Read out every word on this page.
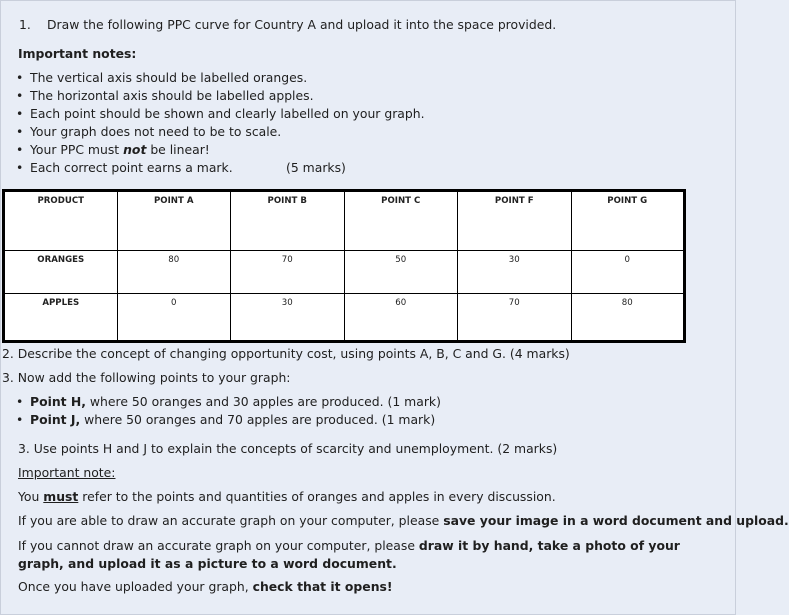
1. Draw the following PPC curve for Country A and upload it into the space provided.
Important notes:
• The vertical axis should be labelled oranges.
• The horizontal axis should be labelled apples.
• Each point should be shown and clearly labelled on your graph.
• Your graph does not need to be to scale.
• Your PPC must not be linear!
• Each correct point earns a mark.	(5 marks)
PRODUCT	POINT A	POINT B	POINT C	POINT F	POINT G
ORANGES	80	70	50	30	0
APPLES	0	30	60	70	80
2. Describe the concept of changing opportunity cost, using points A, B, C and G. (4 marks)
3. Now add the following points to your graph:
• Point H, where 50 oranges and 30 apples are produced. (1 mark)
• Point J, where 50 oranges and 70 apples are produced. (1 mark)
3. Use points H and J to explain the concepts of scarcity and unemployment. (2 marks)
Important note:
You must refer to the points and quantities of oranges and apples in every discussion.
If you are able to draw an accurate graph on your computer, please save your image in a word document and upload.
If you cannot draw an accurate graph on your computer, please draw it by hand, take a photo of your graph, and upload it as a picture to a word document.
Once you have uploaded your graph, check that it opens!
